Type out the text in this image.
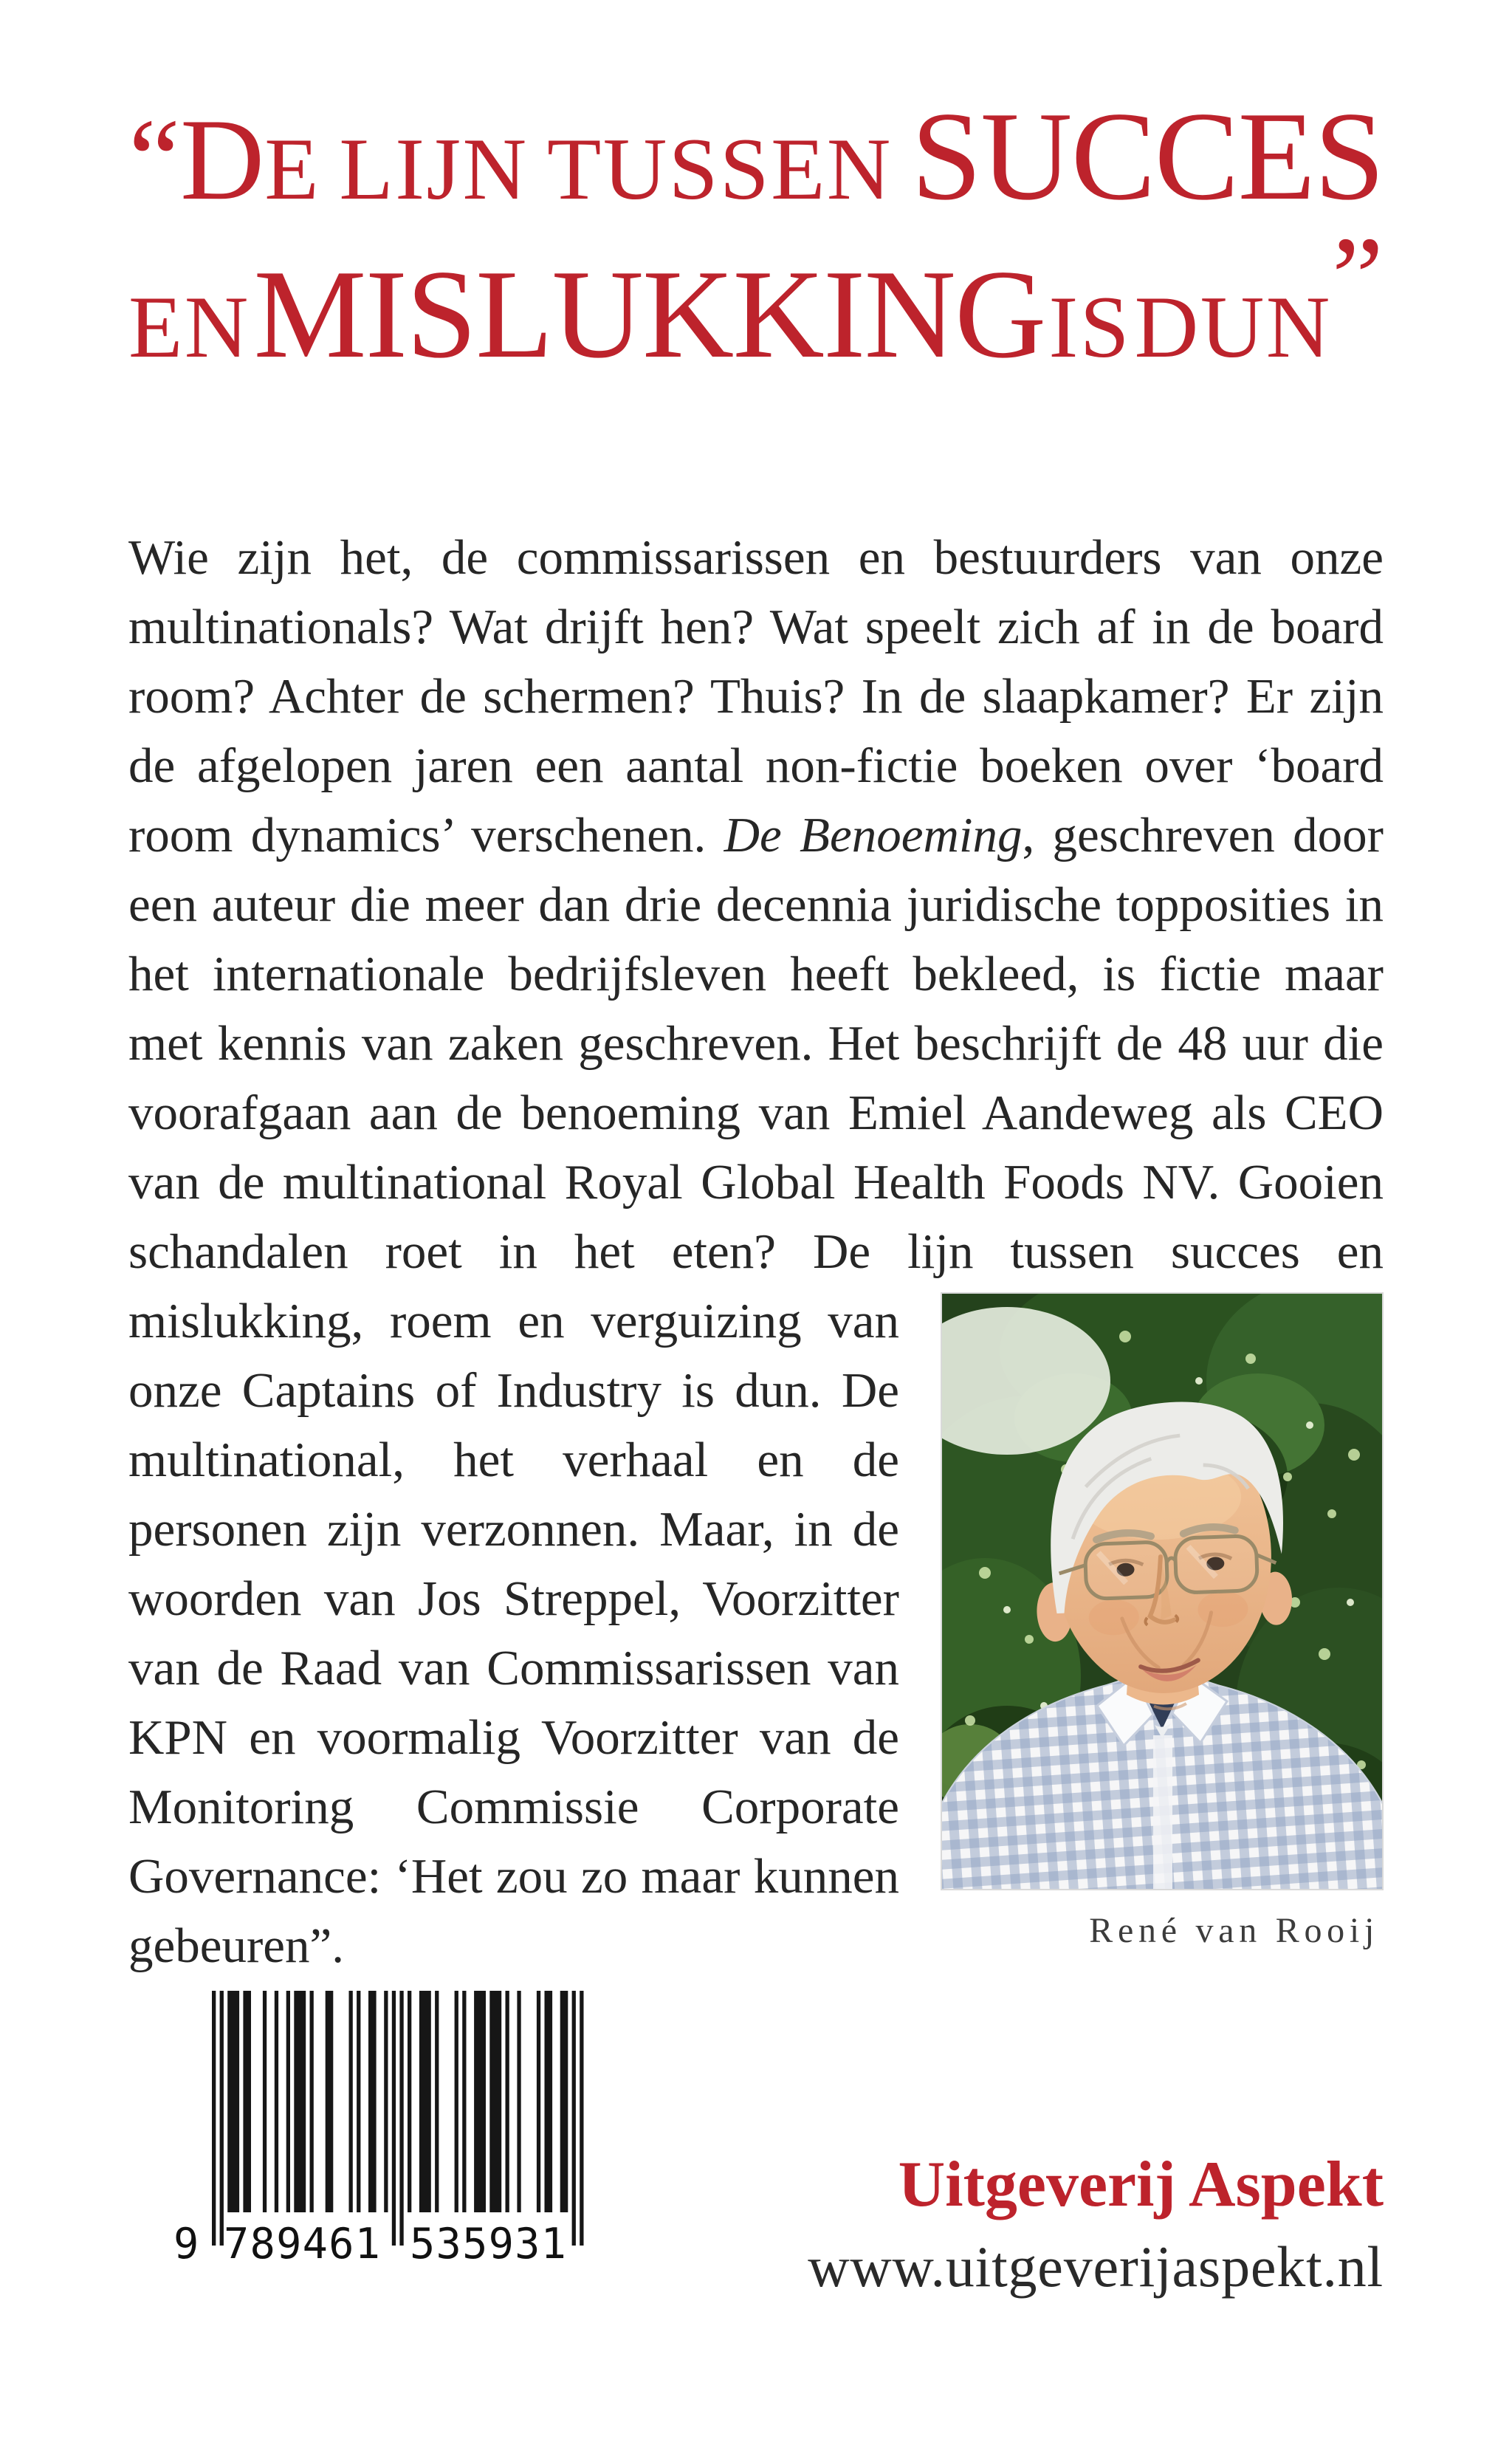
“DE LIJN TUSSEN SUCCES
EN MISLUKKING IS DUN”

Wie zijn het, de commissarissen en bestuurders van onze multinationals? Wat drijft hen? Wat speelt zich af in de board room? Achter de schermen? Thuis? In de slaapkamer? Er zijn de afgelopen jaren een aantal non-fictie boeken over ‘board room dynamics’ verschenen. De Benoeming, geschreven door een auteur die meer dan drie decennia juridische topposities in het internationale bedrijfsleven heeft bekleed, is fictie maar met kennis van zaken geschreven. Het beschrijft de 48 uur die voorafgaan aan de benoeming van Emiel Aandeweg als CEO van de multinational Royal Global Health Foods NV. Gooien schandalen roet in het eten? De lijn tussen succes en
René van Rooij
mislukking, roem en verguizing van onze Captains of Industry is dun. De multinational, het verhaal en de personen zijn verzonnen. Maar, in de woorden van Jos Streppel, Voorzitter van de Raad van Commissarissen van KPN en voormalig Voorzitter van de Monitoring Commissie Corporate Governance: ‘Het zou zo maar kunnen gebeuren”.

9 789461 535931
Uitgeverij Aspekt
www.uitgeverijaspekt.nl
